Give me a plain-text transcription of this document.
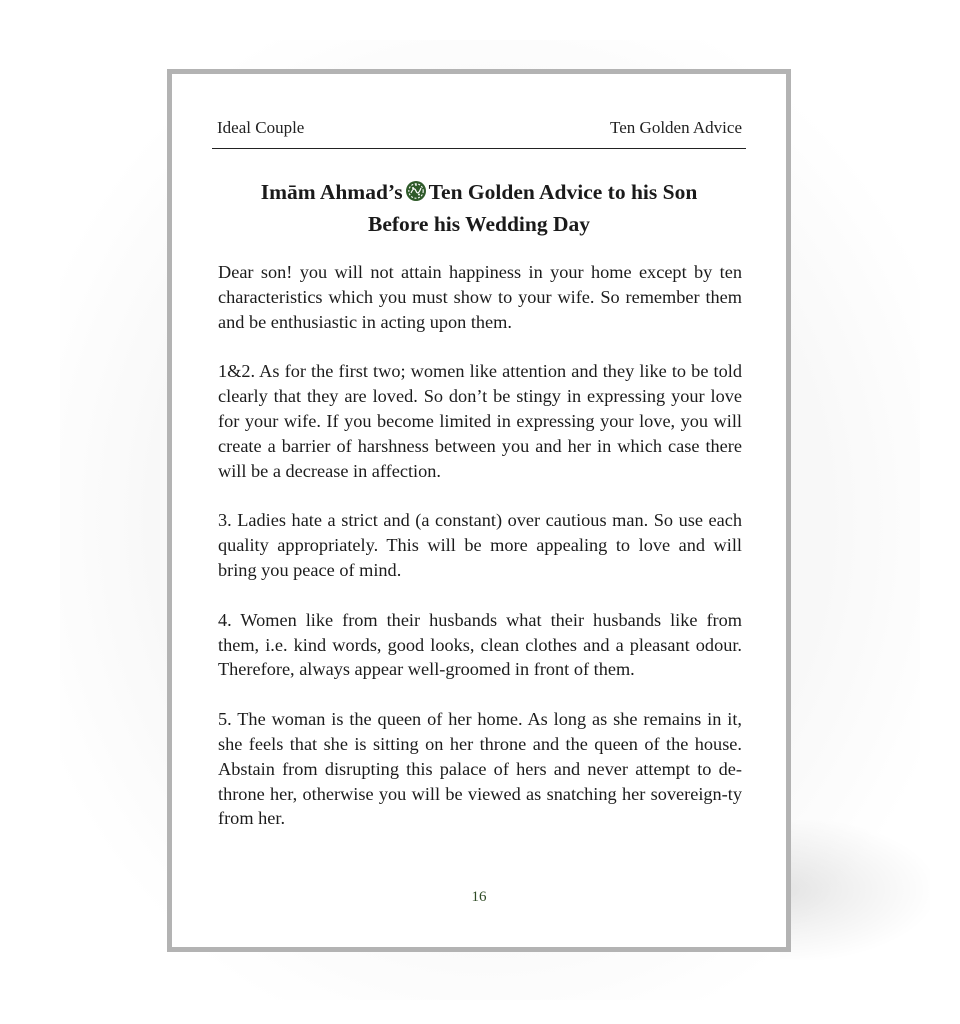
Ideal Couple	Ten Golden Advice
Imām Ahmad’s Ten Golden Advice to his Son
Before his Wedding Day

Dear son! you will not attain happiness in your home except by ten characteristics which you must show to your wife. So remember them and be enthusiastic in acting upon them.

1&2. As for the first two; women like attention and they like to be told clearly that they are loved. So don’t be stingy in expressing your love for your wife. If you become limited in expressing your love, you will create a barrier of harshness between you and her in which case there will be a decrease in affection.

3. Ladies hate a strict and (a constant) over cautious man. So use each quality appropriately. This will be more appealing to love and will bring you peace of mind.

4. Women like from their husbands what their husbands like from them, i.e. kind words, good looks, clean clothes and a pleasant odour. Therefore, always appear well-groomed in front of them.

5. The woman is the queen of her home. As long as she remains in it, she feels that she is sitting on her throne and the queen of the house. Abstain from disrupting this palace of hers and never attempt to de-throne her, otherwise you will be viewed as snatching her sovereign-ty from her.

16
